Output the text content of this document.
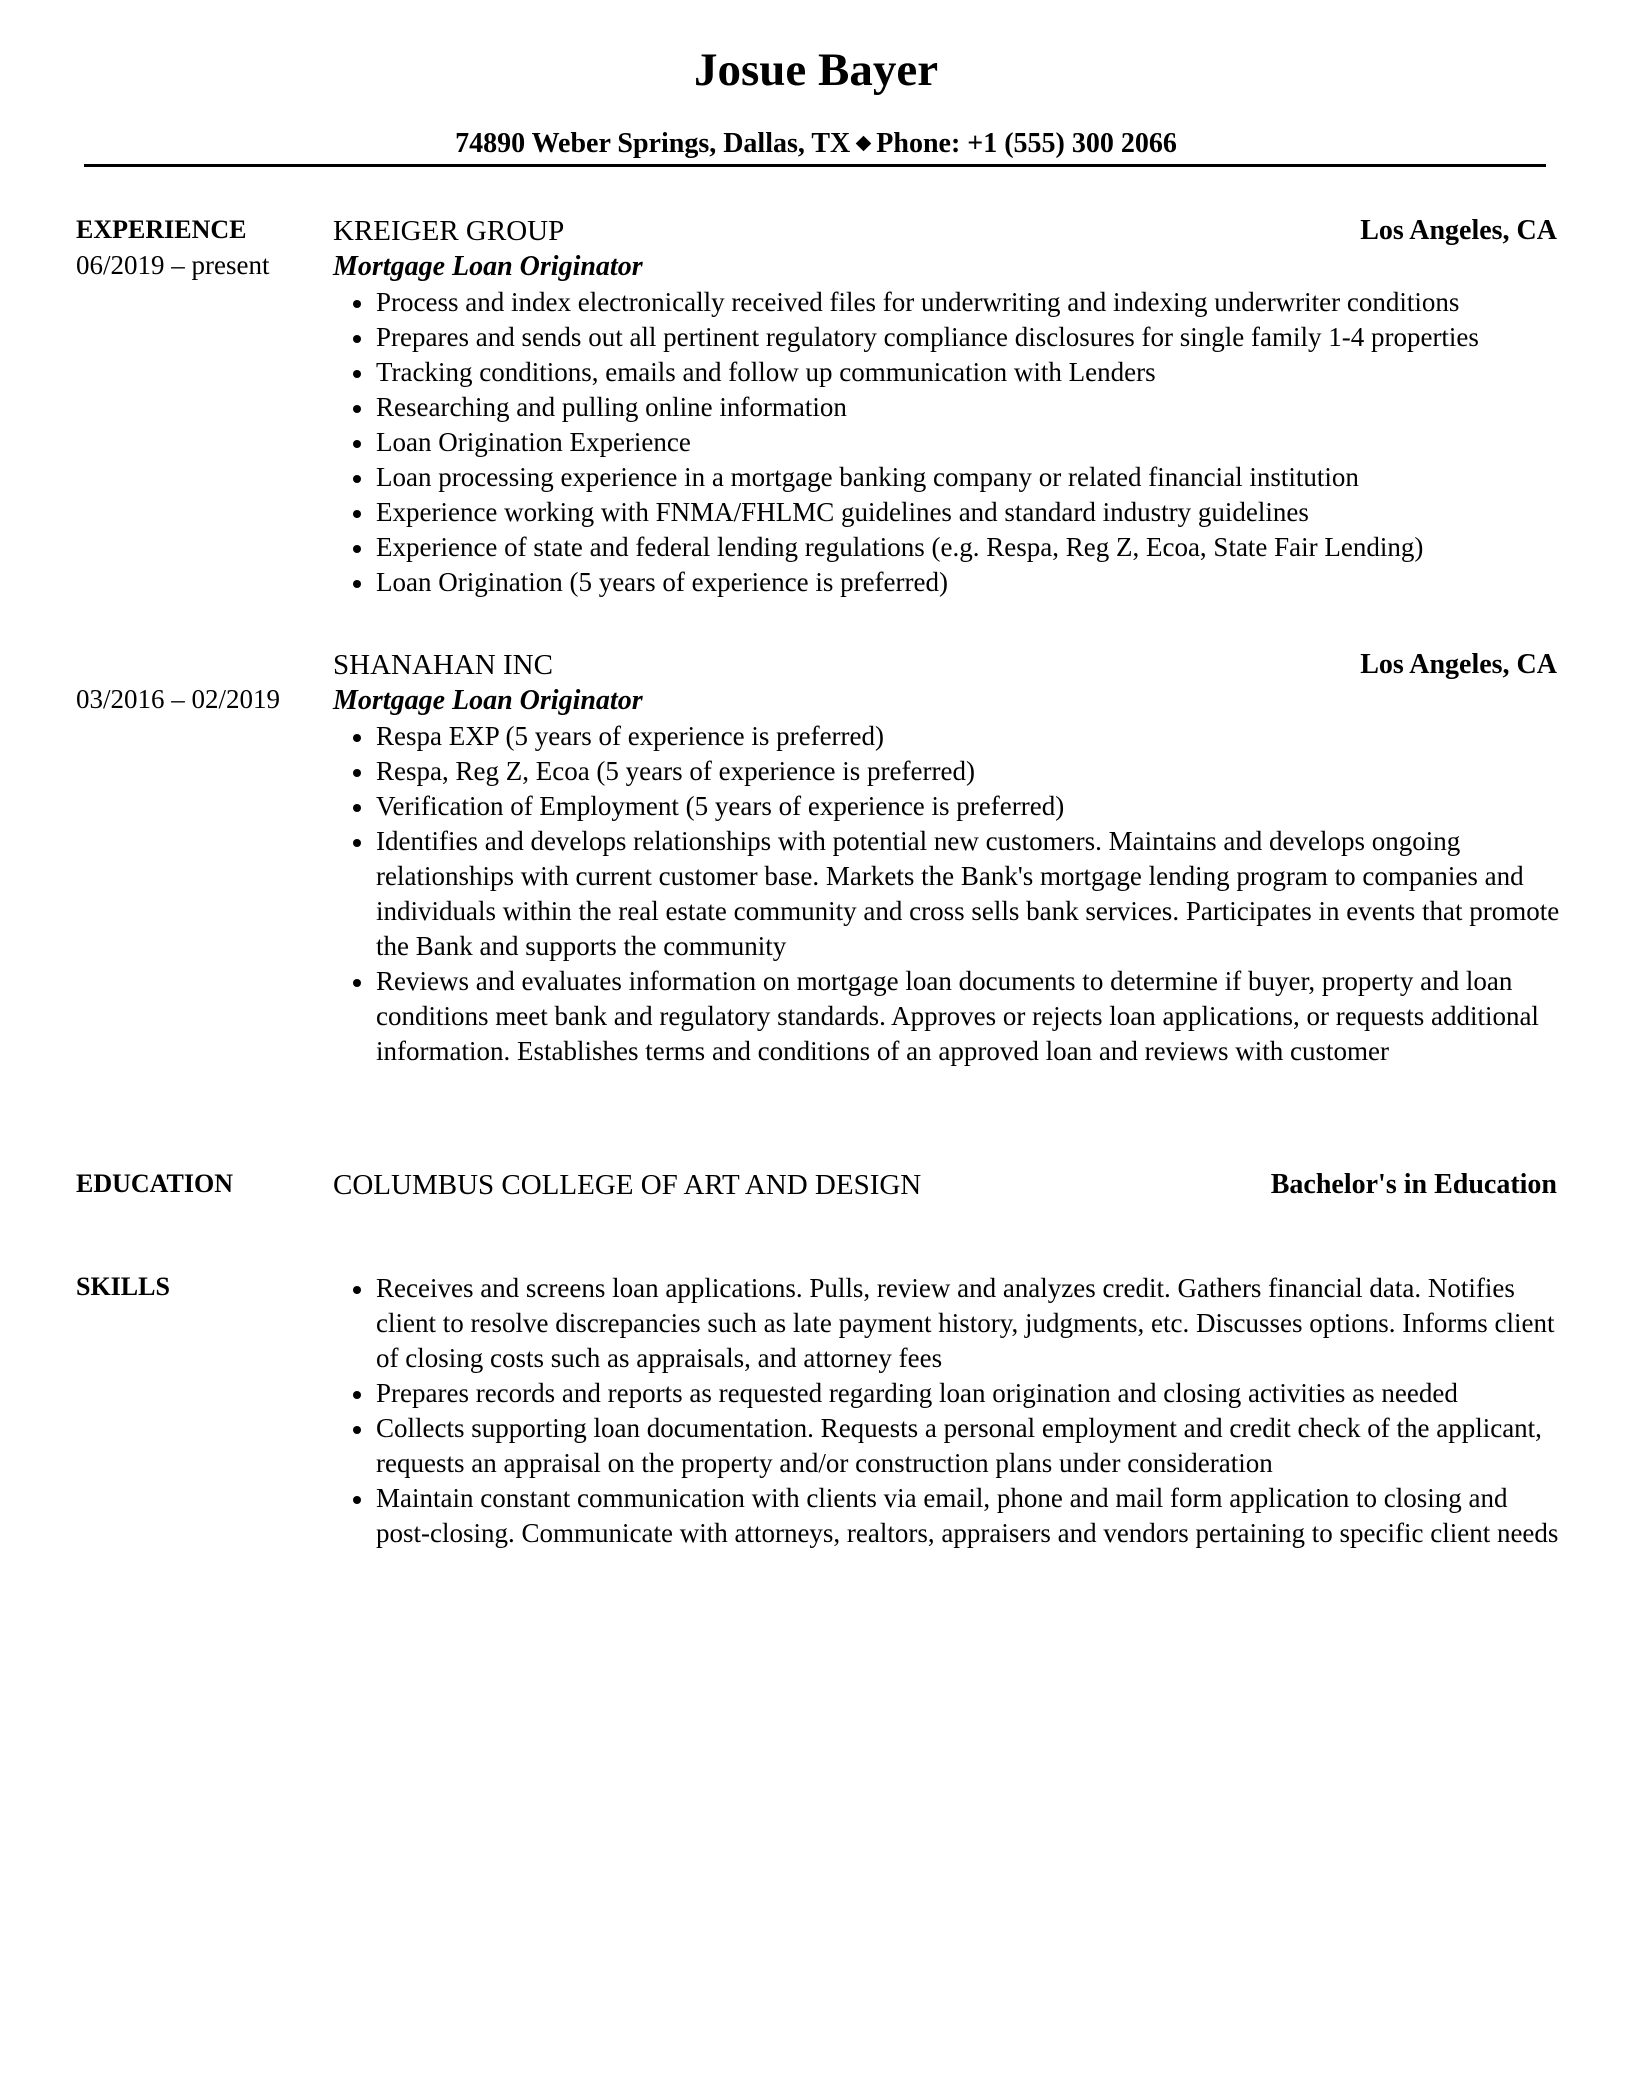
Josue Bayer
74890 Weber Springs, Dallas, TX Phone: +1 (555) 300 2066
EXPERIENCE
06/2019 – present
KREIGER GROUP	Los Angeles, CA
Mortgage Loan Originator
Process and index electronically received files for underwriting and indexing underwriter conditions
Prepares and sends out all pertinent regulatory compliance disclosures for single family 1-4 properties
Tracking conditions, emails and follow up communication with Lenders
Researching and pulling online information
Loan Origination Experience
Loan processing experience in a mortgage banking company or related financial institution
Experience working with FNMA/FHLMC guidelines and standard industry guidelines
Experience of state and federal lending regulations (e.g. Respa, Reg Z, Ecoa, State Fair Lending)
Loan Origination (5 years of experience is preferred)
03/2016 – 02/2019
SHANAHAN INC	Los Angeles, CA
Mortgage Loan Originator
Respa EXP (5 years of experience is preferred)
Respa, Reg Z, Ecoa (5 years of experience is preferred)
Verification of Employment (5 years of experience is preferred)
Identifies and develops relationships with potential new customers. Maintains and develops ongoing relationships with current customer base. Markets the Bank's mortgage lending program to companies and individuals within the real estate community and cross sells bank services. Participates in events that promote the Bank and supports the community
Reviews and evaluates information on mortgage loan documents to determine if buyer, property and loan conditions meet bank and regulatory standards. Approves or rejects loan applications, or requests additional information. Establishes terms and conditions of an approved loan and reviews with customer
EDUCATION	COLUMBUS COLLEGE OF ART AND DESIGN	Bachelor's in Education
SKILLS	Receives and screens loan applications. Pulls, review and analyzes credit. Gathers financial data. Notifies client to resolve discrepancies such as late payment history, judgments, etc. Discusses options. Informs client of closing costs such as appraisals, and attorney fees
Prepares records and reports as requested regarding loan origination and closing activities as needed
Collects supporting loan documentation. Requests a personal employment and credit check of the applicant, requests an appraisal on the property and/or construction plans under consideration
Maintain constant communication with clients via email, phone and mail form application to closing and post-closing. Communicate with attorneys, realtors, appraisers and vendors pertaining to specific client needs
